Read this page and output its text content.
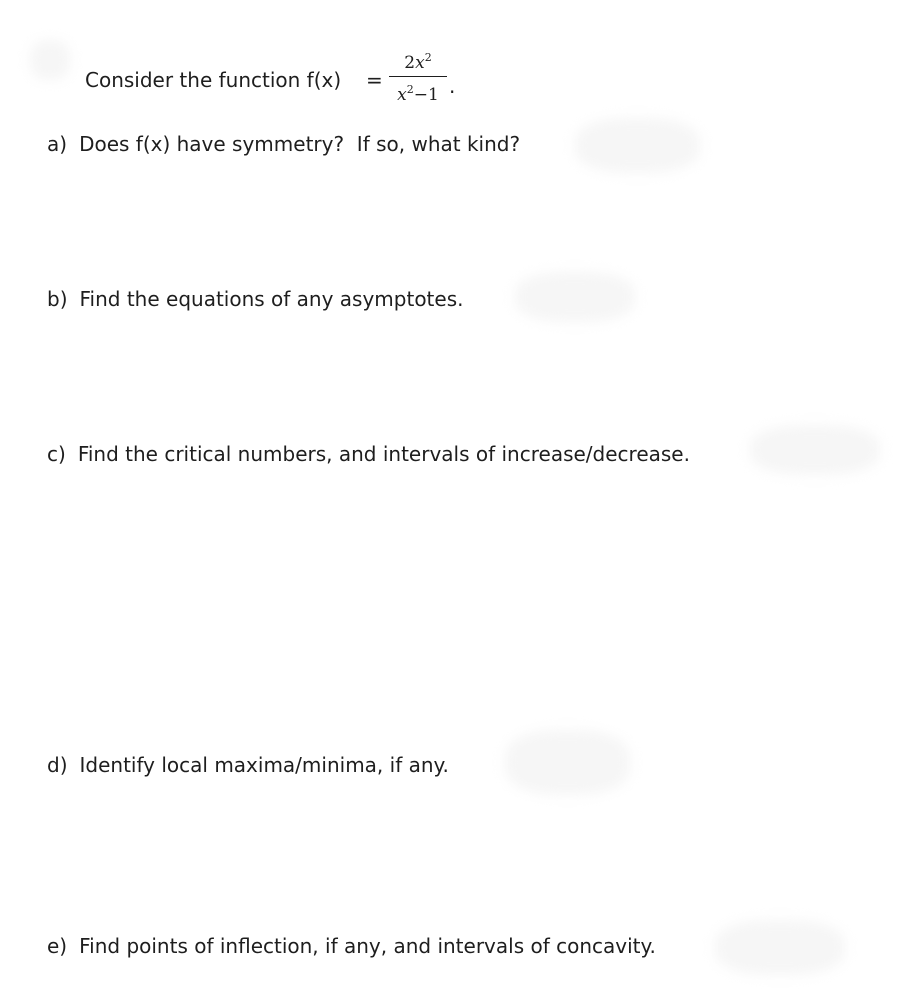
Consider the function f(x) =
$2x^2$
$x^2-1$ .
a) Does f(x) have symmetry?  If so, what kind?
b) Find the equations of any asymptotes.
c) Find the critical numbers, and intervals of increase/decrease.
d) Identify local maxima/minima, if any.
e) Find points of inflection, if any, and intervals of concavity.
